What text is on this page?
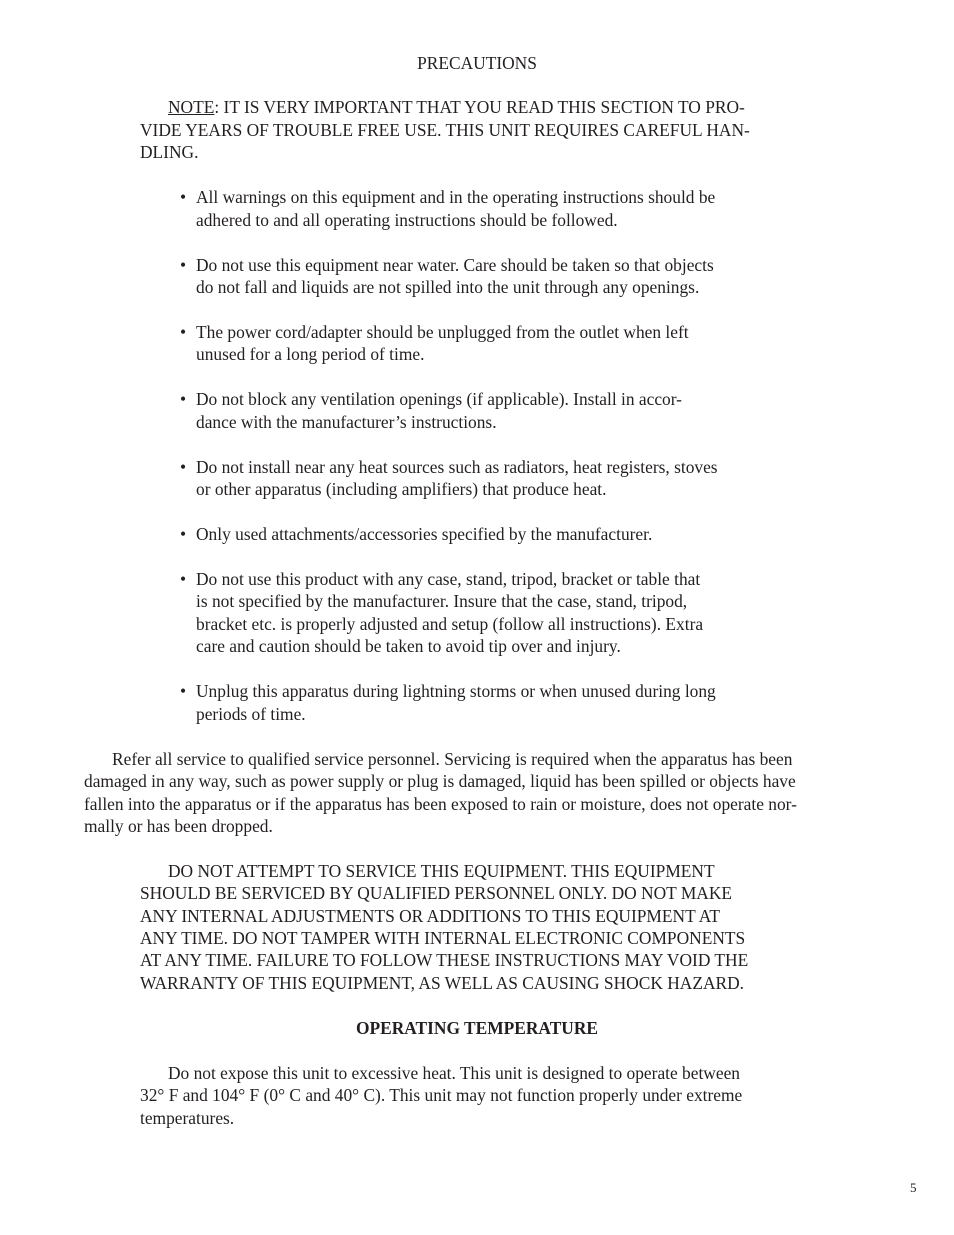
PRECAUTIONS
NOTE: IT IS VERY IMPORTANT THAT YOU READ THIS SECTION TO PRO-
VIDE YEARS OF TROUBLE FREE USE. THIS UNIT REQUIRES CAREFUL HAN-
DLING.
• All warnings on this equipment and in the operating instructions should be
adhered to and all operating instructions should be followed.
• Do not use this equipment near water. Care should be taken so that objects
do not fall and liquids are not spilled into the unit through any openings.
• The power cord/adapter should be unplugged from the outlet when left
unused for a long period of time.
• Do not block any ventilation openings (if applicable). Install in accor-
dance with the manufacturer’s instructions.
• Do not install near any heat sources such as radiators, heat registers, stoves
or other apparatus (including amplifiers) that produce heat.
• Only used attachments/accessories specified by the manufacturer.
• Do not use this product with any case, stand, tripod, bracket or table that
is not specified by the manufacturer. Insure that the case, stand, tripod,
bracket etc. is properly adjusted and setup (follow all instructions). Extra
care and caution should be taken to avoid tip over and injury.
• Unplug this apparatus during lightning storms or when unused during long
periods of time.
Refer all service to qualified service personnel. Servicing is required when the apparatus has been
damaged in any way, such as power supply or plug is damaged, liquid has been spilled or objects have
fallen into the apparatus or if the apparatus has been exposed to rain or moisture, does not operate nor-
mally or has been dropped.
DO NOT ATTEMPT TO SERVICE THIS EQUIPMENT. THIS EQUIPMENT
SHOULD BE SERVICED BY QUALIFIED PERSONNEL ONLY. DO NOT MAKE
ANY INTERNAL ADJUSTMENTS OR ADDITIONS TO THIS EQUIPMENT AT
ANY TIME. DO NOT TAMPER WITH INTERNAL ELECTRONIC COMPONENTS
AT ANY TIME. FAILURE TO FOLLOW THESE INSTRUCTIONS MAY VOID THE
WARRANTY OF THIS EQUIPMENT, AS WELL AS CAUSING SHOCK HAZARD.
OPERATING TEMPERATURE
Do not expose this unit to excessive heat. This unit is designed to operate between
32° F and 104° F (0° C and 40° C). This unit may not function properly under extreme
temperatures.
5
